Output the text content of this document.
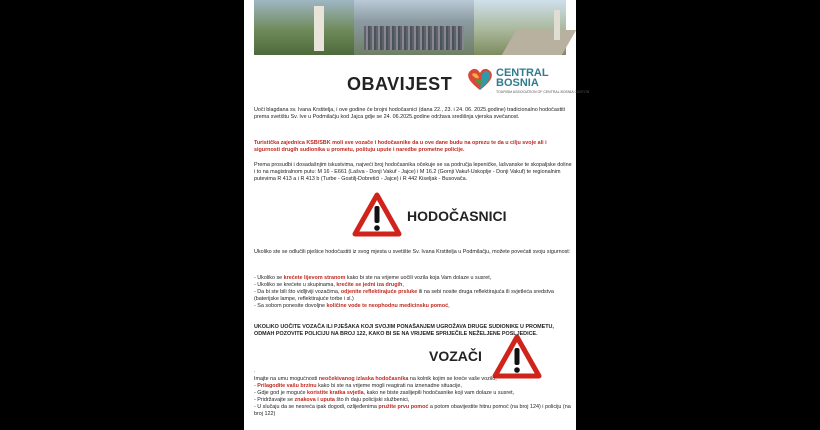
OBAVIJEST
CENTRAL
BOSNIA
TOURISM ASSOCIATION OF CENTRAL BOSNIA CANTON
Uoči blagdana sv. Ivana Krstitelja, i ove godine će brojni hodočasnici (dana 22., 23. i 24. 06. 2025.godine) tradicionalno hodočastiti prema svetištu Sv. Ive u Podmilačju kod Jajca gdje se 24. 06.2025.godine održava središnja vjerska svečanost.
Turistička zajednica KSB/SBK moli sve vozače i hodočasnike da u ove dane budu na oprezu te da u cilju svoje ali i sigurnosti drugih sudionika u prometu, poštuju upute i naredbe prometne policije.
Prema prosudbi i dosadašnjim iskustvima, najveći broj hodočasnika očekuje se sa područja lepeničke, lašvanske te skopaljske doline i to na magistralnom putu: M 16 - E661 (Lašva - Donji Vakuf - Jajce) i M 16.2 (Gornji Vakuf-Uskoplje - Donji Vakuf) te regionalnim putevima R 413 a i R 413 b (Turbe - Gostilj-Dobretići - Jajce) i R 442 Kiseljak - Busovača.
HODOČASNICI
Ukoliko ste se odlučili pješice hodočastiti iz svog mjesta u svetište Sv. Ivana Krstitelja u Podmilačju, možete povećati svoju sigurnost:
- Ukoliko se krećete lijevom stranom kako bi ste na vrijeme uočili vozila koja Vam dolaze u susret,
- Ukoliko se krećete u skupinama, krećite se jedni iza drugih,
- Da bi ste bili što vidljiviji vozačima, odjenite reflektirajuće prsluke ili na sebi nosite druga reflektirajuća ili svjetleća sredstva (baterijske lampe, reflektirajuće torbe i sl.)
- Sa sobom ponesite dovoljne količine vode te neophodnu medicinsku pomoć,
UKOLIKO UOČITE VOZAČA ILI PJEŠAKA KOJI SVOJIM PONAŠANJEM UGROŽAVA DRUGE SUDIONIKE U PROMETU, ODMAH POZOVITE POLICIJU NA BROJ 122, KAKO BI SE NA VRIJEME SPRIJEČILE NEŽELJENE POSLJEDICE.
VOZAČI
.
Imajte na umu mogućnosti neočekivanog izlaska hodočasnika na kolnik kojim se kreće vaše vozilo,
- Prilagodite vašu brzinu kako bi ste na vrijeme mogli reagirati na iznenadne situacije,
- Gdje god je moguće koristite kratka svjetla, kako ne biste zaslijepili hodočasnike koji vam dolaze u susret,
- Pridržavajte se znakova i uputa što ih daju policijski službenici,
- U slučaju da se nesreća ipak dogodi, ozlijeđenima pružite prvu pomoć a potom obavijestite hitnu pomoć (na broj 124) i policiju (na broj 122)
